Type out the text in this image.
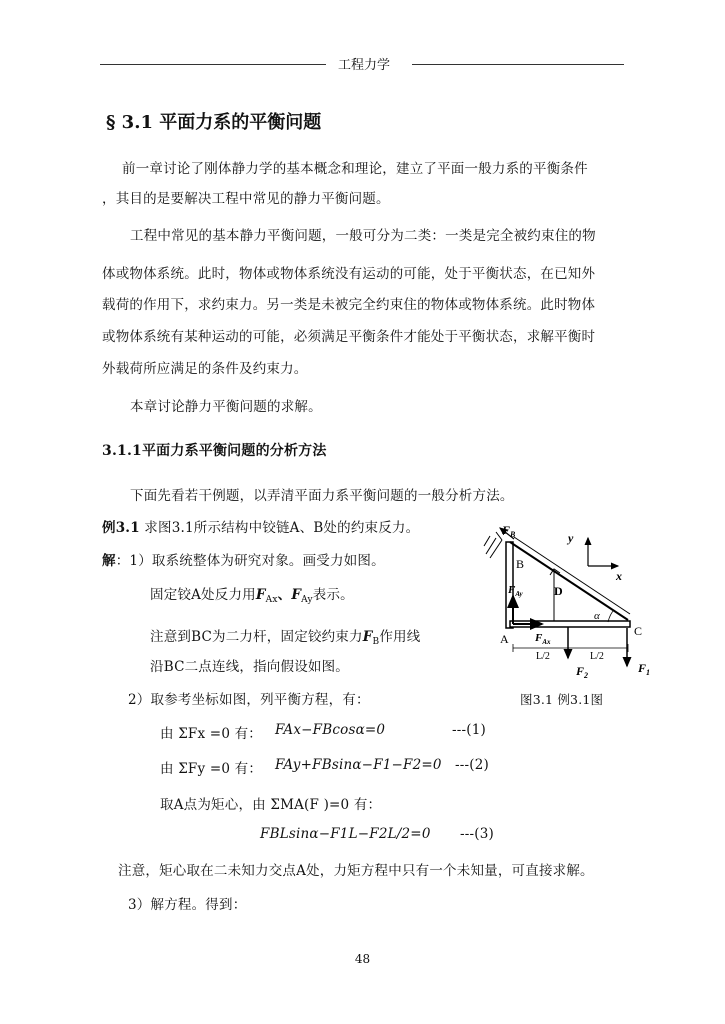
工程力学
§ 3.1 平面力系的平衡问题
前一章讨论了刚体静力学的基本概念和理论，建立了平面一般力系的平衡条件
，其目的是要解决工程中常见的静力平衡问题。
工程中常见的基本静力平衡问题，一般可分为二类：一类是完全被约束住的物
体或物体系统。此时，物体或物体系统没有运动的可能，处于平衡状态，在已知外
载荷的作用下，求约束力。另一类是未被完全约束住的物体或物体系统。此时物体
或物体系统有某种运动的可能，必须满足平衡条件才能处于平衡状态，求解平衡时
外载荷所应满足的条件及约束力。
本章讨论静力平衡问题的求解。
3.1.1平面力系平衡问题的分析方法
下面先看若干例题，以弄清平面力系平衡问题的一般分析方法。
例3.1 求图3.1所示结构中铰链A、B处的约束反力。
解：1）取系统整体为研究对象。画受力如图。
固定铰A处反力用$F_{Ax}$、$F_{Ay}$表示。
注意到BC为二力杆，固定铰约束力$F_B$作用线
沿BC二点连线，指向假设如图。
2）取参考坐标如图，列平衡方程，有：
由 ΣFx =0 有： FAx−FBcosα=0	---(1)
由 ΣFy =0 有： FAy+FBsinα−F1−F2=0 ---(2)
取A点为矩心，由 ΣMA(F )=0 有：
FBLsinα−F1L−F2L/2=0 ---(3)
注意，矩心取在二未知力交点A处，力矩方程中只有一个未知量，可直接求解。
3）解方程。得到：
$F_B$
B
D
$F_{Ay}$
A $F_{Ax}$
α
C
L/2	L/2
$F_2$
$F_1$
y
x
图3.1 例3.1图
48
